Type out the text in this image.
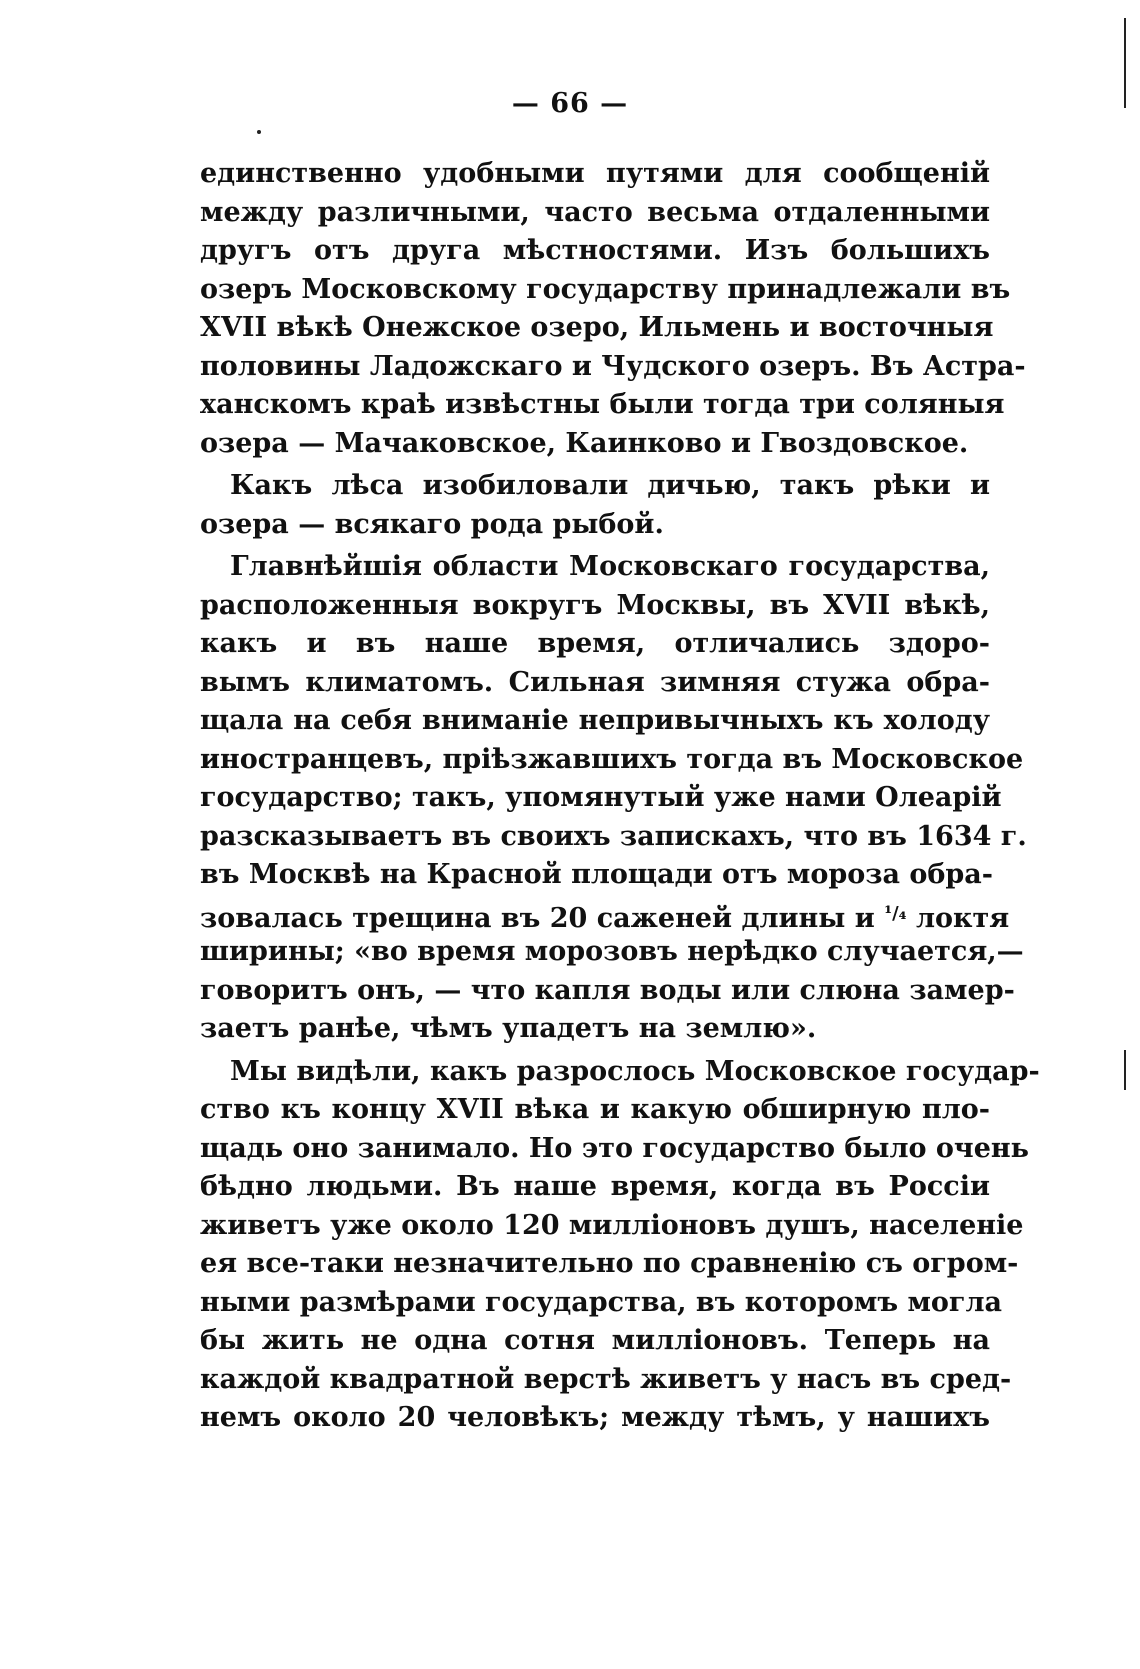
— 66 —
единственно удобными путями для сообщеній
между различными, часто весьма отдаленными
другъ отъ друга мѣстностями. Изъ большихъ
озеръ Московскому государству принадлежали въ
XVII вѣкѣ Онежское озеро, Ильмень и восточныя
половины Ладожскаго и Чудского озеръ. Въ Астра-
ханскомъ краѣ извѣстны были тогда три соляныя
озера — Мачаковское, Каинково и Гвоздовское.
Какъ лѣса изобиловали дичью, такъ рѣки и
озера — всякаго рода рыбой.
Главнѣйшія области Московскаго государства,
расположенныя вокругъ Москвы, въ XVII вѣкѣ,
какъ и въ наше время, отличались здоро-
вымъ климатомъ. Сильная зимняя стужа обра-
щала на себя вниманіе непривычныхъ къ холоду
иностранцевъ, пріѣзжавшихъ тогда въ Московское
государство; такъ, упомянутый уже нами Олеарій
разсказываетъ въ своихъ запискахъ, что въ 1634 г.
въ Москвѣ на Красной площади отъ мороза обра-
зовалась трещина въ 20 саженей длины и $^{^1/_4}$ локтя
ширины; «во время морозовъ нерѣдко случается,—
говоритъ онъ, — что капля воды или слюна замер-
заетъ ранѣе, чѣмъ упадетъ на землю».
Мы видѣли, какъ разрослось Московское государ-
ство къ концу XVII вѣка и какую обширную пло-
щадь оно занимало. Но это государство было очень
бѣдно людьми. Въ наше время, когда въ Россіи
живетъ уже около 120 милліоновъ душъ, населеніе
ея все-таки незначительно по сравненію съ огром-
ными размѣрами государства, въ которомъ могла
бы жить не одна сотня милліоновъ. Теперь на
каждой квадратной верстѣ живетъ у насъ въ сред-
немъ около 20 человѣкъ; между тѣмъ, у нашихъ
